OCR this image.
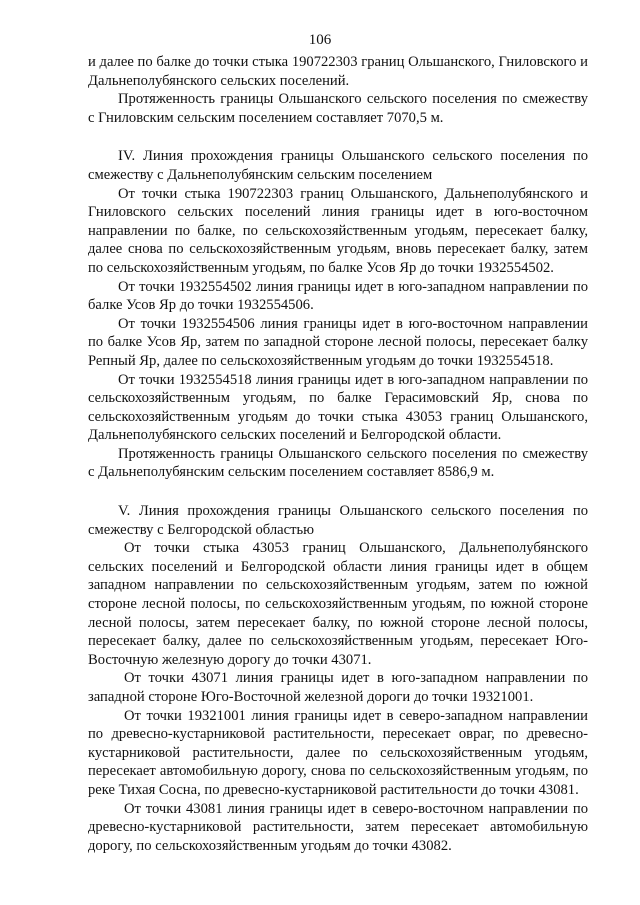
106

и далее по балке до точки стыка 190722303 границ Ольшанского, Гниловского и Дальнеполубянского сельских поселений.

Протяженность границы Ольшанского сельского поселения по смежеству с Гниловским сельским поселением составляет 7070,5 м.

IV. Линия прохождения границы Ольшанского сельского поселения по смежеству с Дальнеполубянским сельским поселением

От точки стыка 190722303 границ Ольшанского, Дальнеполубянского и Гниловского сельских поселений линия границы идет в юго-восточном направлении по балке, по сельскохозяйственным угодьям, пересекает балку, далее снова по сельскохозяйственным угодьям, вновь пересекает балку, затем по сельскохозяйственным угодьям, по балке Усов Яр до точки 1932554502.

От точки 1932554502 линия границы идет в юго-западном направлении по балке Усов Яр до точки 1932554506.

От точки 1932554506 линия границы идет в юго-восточном направлении по балке Усов Яр, затем по западной стороне лесной полосы, пересекает балку Репный Яр, далее по сельскохозяйственным угодьям до точки 1932554518.

От точки 1932554518 линия границы идет в юго-западном направлении по сельскохозяйственным угодьям, по балке Герасимовский Яр, снова по сельскохозяйственным угодьям до точки стыка 43053 границ Ольшанского, Дальнеполубянского сельских поселений и Белгородской области.

Протяженность границы Ольшанского сельского поселения по смежеству с Дальнеполубянским сельским поселением составляет 8586,9 м.

V. Линия прохождения границы Ольшанского сельского поселения по смежеству с Белгородской областью

От точки стыка 43053 границ Ольшанского, Дальнеполубянского сельских поселений и Белгородской области линия границы идет в общем западном направлении по сельскохозяйственным угодьям, затем по южной стороне лесной полосы, по сельскохозяйственным угодьям, по южной стороне лесной полосы, затем пересекает балку, по южной стороне лесной полосы, пересекает балку, далее по сельскохозяйственным угодьям, пересекает Юго-Восточную железную дорогу до точки 43071.

От точки 43071 линия границы идет в юго-западном направлении по западной стороне Юго-Восточной железной дороги до точки 19321001.

От точки 19321001 линия границы идет в северо-западном направлении по древесно-кустарниковой растительности, пересекает овраг, по древесно-кустарниковой растительности, далее по сельскохозяйственным угодьям, пересекает автомобильную дорогу, снова по сельскохозяйственным угодьям, по реке Тихая Сосна, по древесно-кустарниковой растительности до точки 43081.

От точки 43081 линия границы идет в северо-восточном направлении по древесно-кустарниковой растительности, затем пересекает автомобильную дорогу, по сельскохозяйственным угодьям до точки 43082.
